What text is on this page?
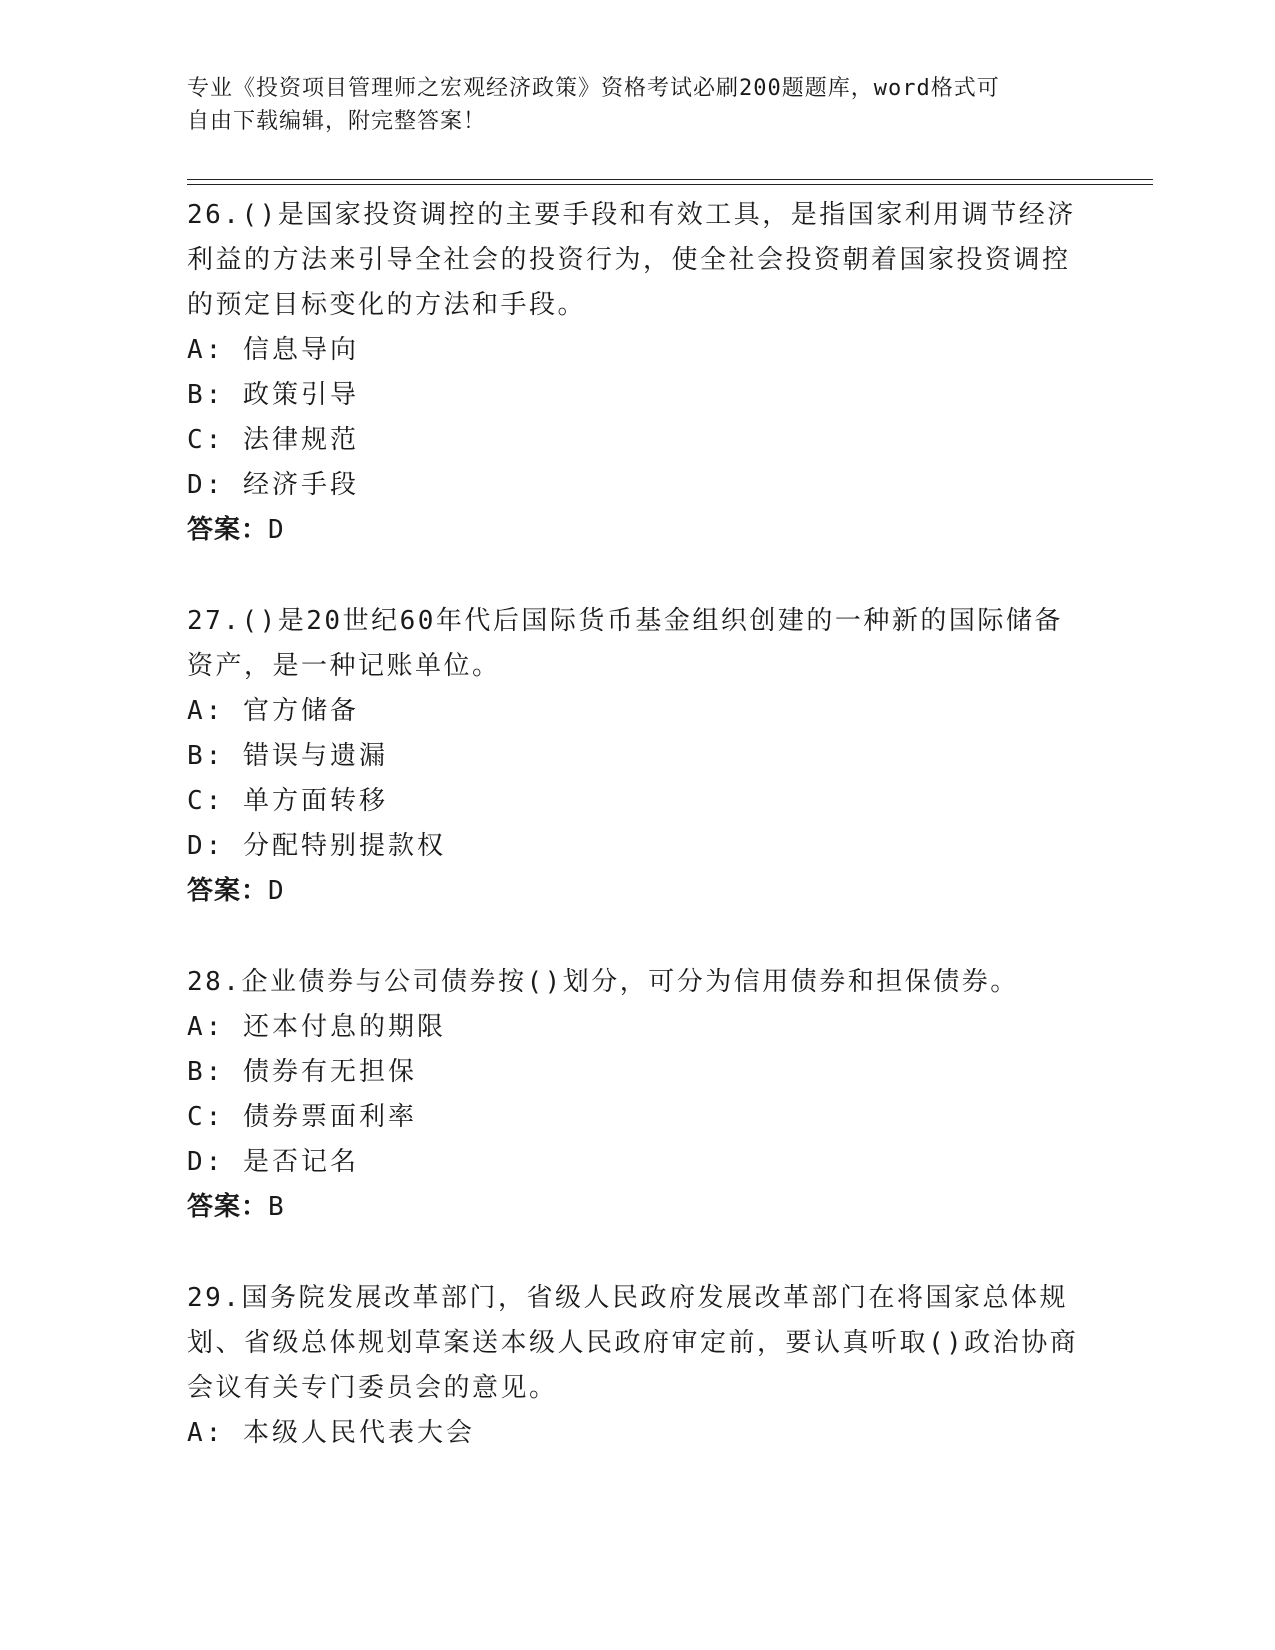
专业《投资项目管理师之宏观经济政策》资格考试必刷200题题库，word格式可
自由下载编辑，附完整答案！

26.()是国家投资调控的主要手段和有效工具，是指国家利用调节经济利益的方法来引导全社会的投资行为，使全社会投资朝着国家投资调控的预定目标变化的方法和手段。

A: 信息导向

B: 政策引导

C: 法律规范

D: 经济手段

答案：D

27.()是20世纪60年代后国际货币基金组织创建的一种新的国际储备资产，是一种记账单位。

A: 官方储备

B: 错误与遗漏

C: 单方面转移

D: 分配特别提款权

答案：D

28.企业债券与公司债券按()划分，可分为信用债券和担保债券。

A: 还本付息的期限

B: 债券有无担保

C: 债券票面利率

D: 是否记名

答案：B

29.国务院发展改革部门，省级人民政府发展改革部门在将国家总体规划、省级总体规划草案送本级人民政府审定前，要认真听取()政治协商会议有关专门委员会的意见。

A: 本级人民代表大会
